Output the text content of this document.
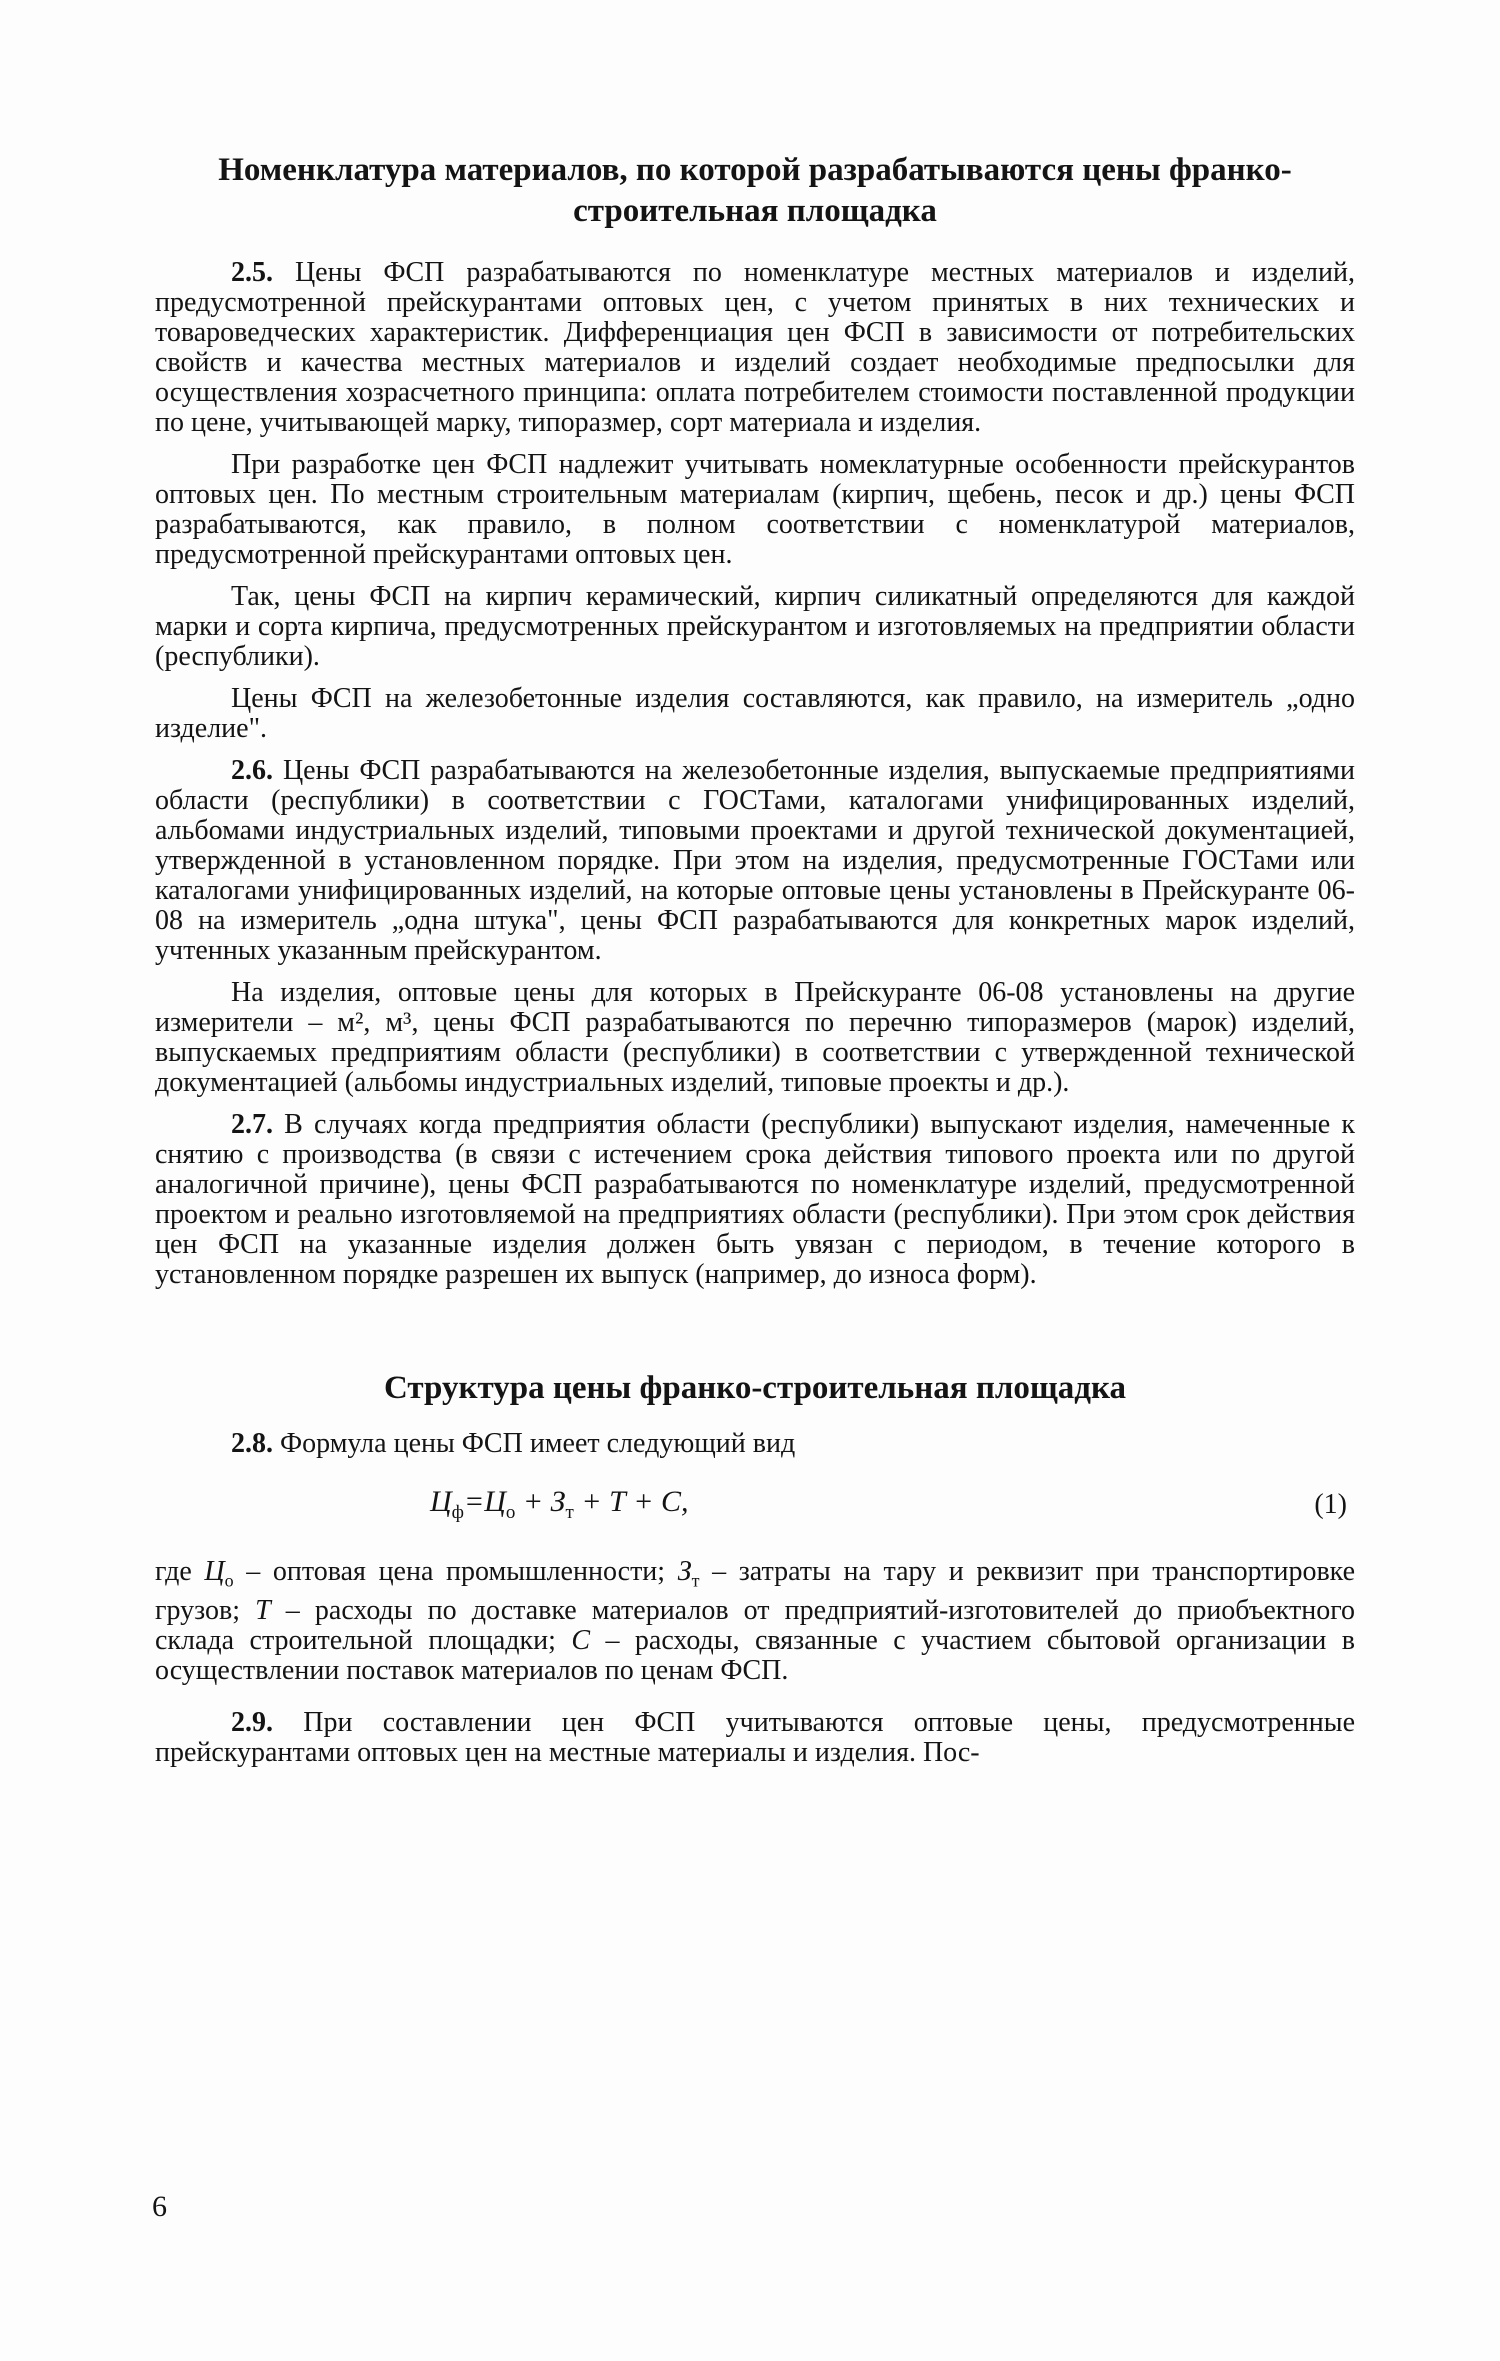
Номенклатура материалов, по которой разрабатываются цены франко-строительная площадка

2.5. Цены ФСП разрабатываются по номенклатуре местных материалов и изделий, предусмотренной прейскурантами оптовых цен, с учетом принятых в них технических и товароведческих характеристик. Дифференциация цен ФСП в зависимости от потребительских свойств и качества местных материалов и изделий создает необходимые предпосылки для осуществления хозрасчетного принципа: оплата потребителем стоимости поставленной продукции по цене, учитывающей марку, типоразмер, сорт материала и изделия.

При разработке цен ФСП надлежит учитывать номеклатурные особенности прейскурантов оптовых цен. По местным строительным материалам (кирпич, щебень, песок и др.) цены ФСП разрабатываются, как правило, в полном соответствии с номенклатурой материалов, предусмотренной прейскурантами оптовых цен.

Так, цены ФСП на кирпич керамический, кирпич силикатный определяются для каждой марки и сорта кирпича, предусмотренных прейскурантом и изготовляемых на предприятии области (республики).

Цены ФСП на железобетонные изделия составляются, как правило, на измеритель „одно изделие".

2.6. Цены ФСП разрабатываются на железобетонные изделия, выпускаемые предприятиями области (республики) в соответствии с ГОСТами, каталогами унифицированных изделий, альбомами индустриальных изделий, типовыми проектами и другой технической документацией, утвержденной в установленном порядке. При этом на изделия, предусмотренные ГОСТами или каталогами унифицированных изделий, на которые оптовые цены установлены в Прейскуранте 06-08 на измеритель „одна штука", цены ФСП разрабатываются для конкретных марок изделий, учтенных указанным прейскурантом.

На изделия, оптовые цены для которых в Прейскуранте 06-08 установлены на другие измерители – м², м³, цены ФСП разрабатываются по перечню типоразмеров (марок) изделий, выпускаемых предприятиям области (республики) в соответствии с утвержденной технической документацией (альбомы индустриальных изделий, типовые проекты и др.).

2.7. В случаях когда предприятия области (республики) выпускают изделия, намеченные к снятию с производства (в связи с истечением срока действия типового проекта или по другой аналогичной причине), цены ФСП разрабатываются по номенклатуре изделий, предусмотренной проектом и реально изготовляемой на предприятиях области (республики). При этом срок действия цен ФСП на указанные изделия должен быть увязан с периодом, в течение которого в установленном порядке разрешен их выпуск (например, до износа форм).

Структура цены франко-строительная площадка

2.8. Формула цены ФСП имеет следующий вид

$Ц_ф=Ц_о + З_т + Т + С$,	(1)

где $Ц_о$ – оптовая цена промышленности; $З_т$ – затраты на тару и реквизит при транспортировке грузов; Т – расходы по доставке материалов от предприятий-изготовителей до приобъектного склада строительной площадки; С – расходы, связанные с участием сбытовой организации в осуществлении поставок материалов по ценам ФСП.

2.9. При составлении цен ФСП учитываются оптовые цены, предусмотренные прейскурантами оптовых цен на местные материалы и изделия. Пос-

6
